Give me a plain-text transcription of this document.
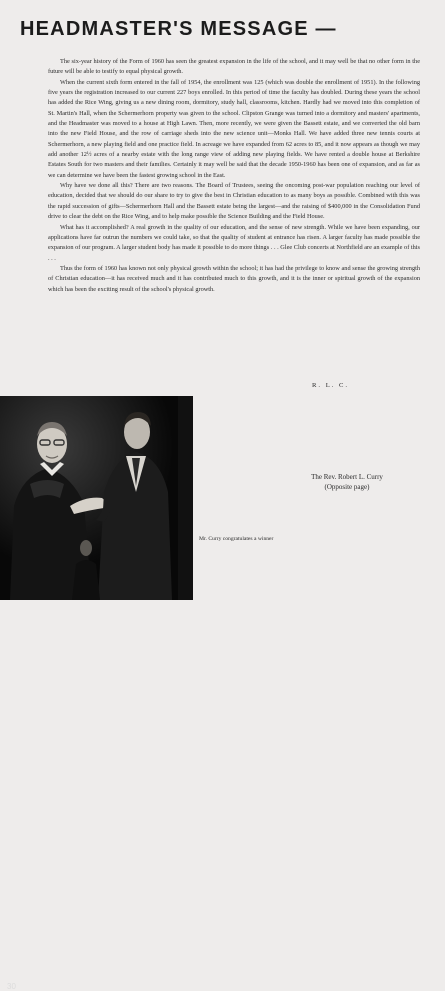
HEADMASTER'S MESSAGE —

The six-year history of the Form of 1960 has seen the greatest expansion in the life of the school, and it may well be that no other form in the future will be able to testify to equal physical growth.

When the current sixth form entered in the fall of 1954, the enrollment was 125 (which was double the enrollment of 1951). In the following five years the registration increased to our current 227 boys enrolled. In this period of time the faculty has doubled. During these years the school has added the Rice Wing, giving us a new dining room, dormitory, study hall, classrooms, kitchen. Hardly had we moved into this completion of St. Martin's Hall, when the Schermerhorn property was given to the school. Clipston Grange was turned into a dormitory and masters' apartments, and the Headmaster was moved to a house at High Lawn. Then, more recently, we were given the Bassett estate, and we converted the old barn into the new Field House, and the row of carriage sheds into the new science unit—Monks Hall. We have added three new tennis courts at Schermerhorn, a new playing field and one practice field. In acreage we have expanded from 62 acres to 85, and it now appears as though we may add another 12½ acres of a nearby estate with the long range view of adding new playing fields. We have rented a double house at Berkshire Estates South for two masters and their families. Certainly it may well be said that the decade 1950-1960 has been one of expansion, and as far as we can determine we have been the fastest growing school in the East.

Why have we done all this? There are two reasons. The Board of Trustees, seeing the oncoming post-war population reaching our level of education, decided that we should do our share to try to give the best in Christian education to as many boys as possible. Combined with this was the rapid succession of gifts—Schermerhorn Hall and the Bassett estate being the largest—and the raising of $400,000 in the Consolidation Fund drive to clear the debt on the Rice Wing, and to help make possible the Science Building and the Field House.

What has it accomplished? A real growth in the quality of our education, and the sense of new strength. While we have been expanding, our applications have far outrun the numbers we could take, so that the quality of student at entrance has risen. A larger faculty has made possible the expansion of our program. A larger student body has made it possible to do more things . . . Glee Club concerts at Northfield are an example of this . . .

Thus the form of 1960 has known not only physical growth within the school; it has had the privilege to know and sense the growing strength of Christian education—it has received much and it has contributed much to this growth, and it is the inner or spiritual growth of the expansion which has been the exciting result of the school's physical growth.

R. L. C.
30
The Rev. Robert L. Curry
(Opposite page)
Mr. Curry congratulates a winner
